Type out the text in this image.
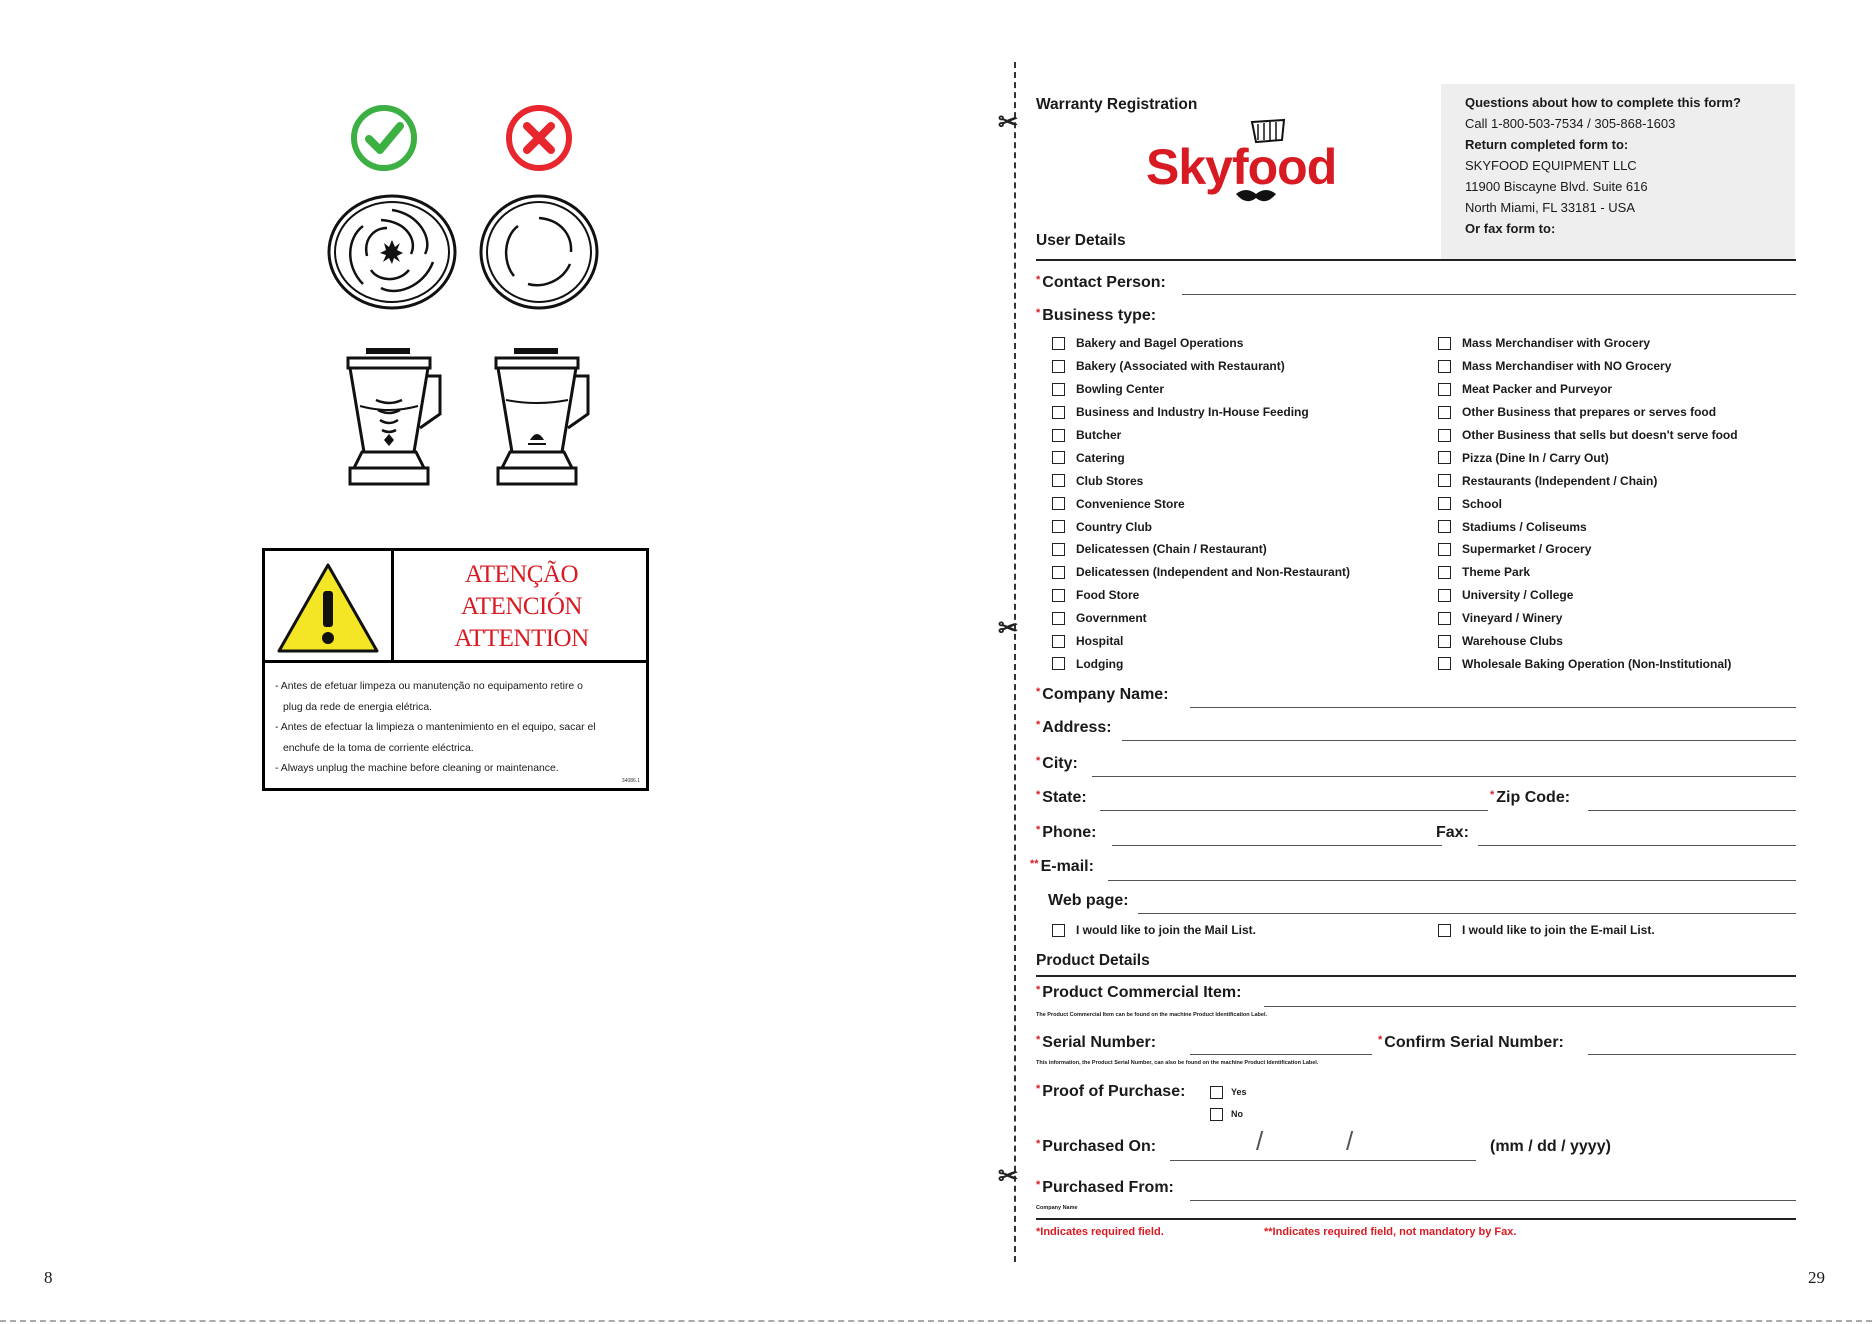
ATENÇÃO
ATENCIÓN
ATTENTION
- Antes de efetuar limpeza ou manutenção no equipamento retire o
plug da rede de energia elétrica.
- Antes de efectuar la limpieza o mantenimiento en el equipo, sacar el
enchufe de la toma de corriente eléctrica.
- Always unplug the machine before cleaning or maintenance.
34086.1
8
✂
✂
✂
Warranty Registration
Skyfood
Questions about how to complete this form?
Call 1-800-503-7534 / 305-868-1603
Return completed form to:
SKYFOOD EQUIPMENT LLC
11900 Biscayne Blvd. Suite 616
North Miami, FL 33181 - USA
Or fax form to:
User Details
* Contact Person:
* Business type:
Bakery and Bagel Operations
Bakery (Associated with Restaurant)
Bowling Center
Business and Industry In-House Feeding
Butcher
Catering
Club Stores
Convenience Store
Country Club
Delicatessen (Chain / Restaurant)
Delicatessen (Independent and Non-Restaurant)
Food Store
Government
Hospital
Lodging
Mass Merchandiser with Grocery
Mass Merchandiser with NO Grocery
Meat Packer and Purveyor
Other Business that prepares or serves food
Other Business that sells but doesn't serve food
Pizza (Dine In / Carry Out)
Restaurants (Independent / Chain)
School
Stadiums / Coliseums
Supermarket / Grocery
Theme Park
University / College
Vineyard / Winery
Warehouse Clubs
Wholesale Baking Operation (Non-Institutional)
* Company Name:
* Address:
* City:
* State:	* Zip Code:
* Phone:	Fax:
** E-mail:
Web page:
I would like to join the Mail List.	I would like to join the E-mail List.
Product Details
* Product Commercial Item:
The Product Commercial Item can be found on the machine Product Identification Label.
* Serial Number:	* Confirm Serial Number:
This information, the Product Serial Number, can also be found on the machine Product Identification Label.
* Proof of Purchase:	Yes
No
* Purchased On:	/	/	(mm / dd / yyyy)
* Purchased From:
Company Name
*Indicates required field.	**Indicates required field, not mandatory by Fax.
29
